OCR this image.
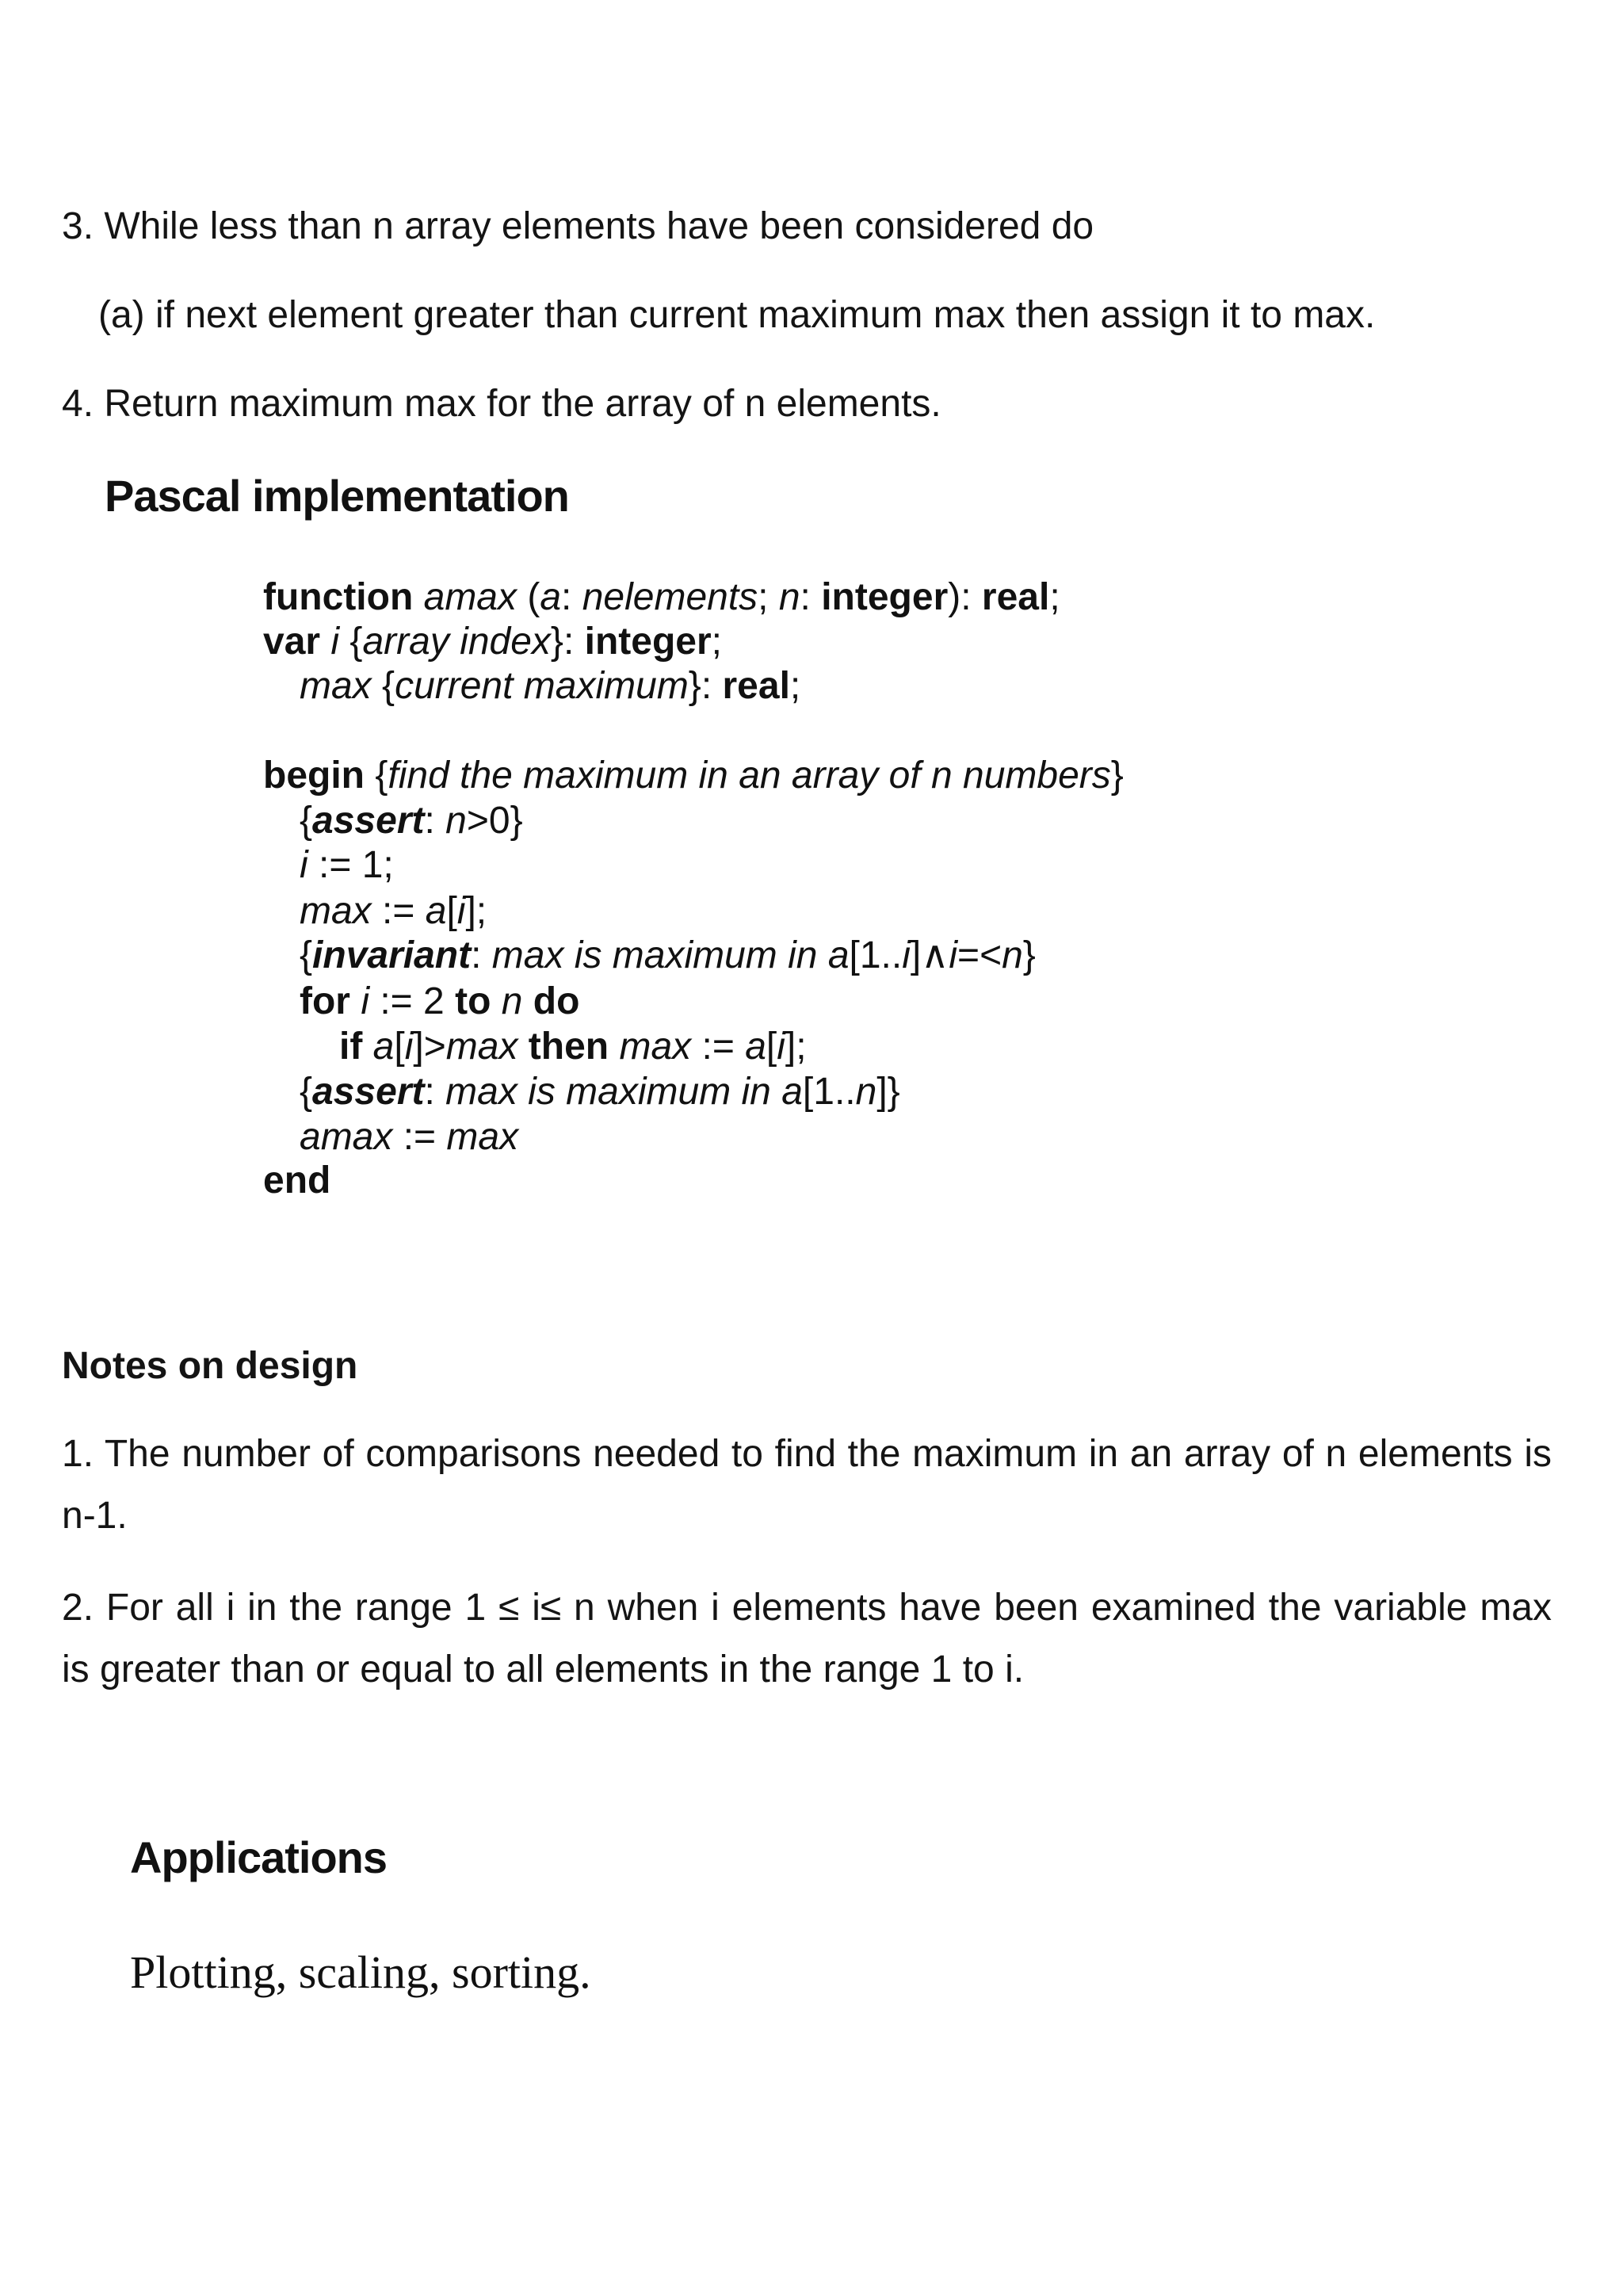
3. While less than n array elements have been considered do
(a) if next element greater than current maximum max then assign it to max.
4. Return maximum max for the array of n elements.
Pascal implementation
function amax (a: nelements; n: integer): real;
var i {array index}: integer;
max {current maximum}: real;
begin {find the maximum in an array of n numbers}
{assert: n>0}
i := 1;
max := a[i];
{invariant: max is maximum in a[1..i]∧i=<n}
for i := 2 to n do
if a[i]>max then max := a[i];
{assert: max is maximum in a[1..n]}
amax := max
end
Notes on design
1. The number of comparisons needed to find the maximum in an array of n elements is n-1.
2. For all i in the range 1 ≤ i≤ n when i elements have been examined the variable max is greater than or equal to all elements in the range 1 to i.
Applications
Plotting, scaling, sorting.
